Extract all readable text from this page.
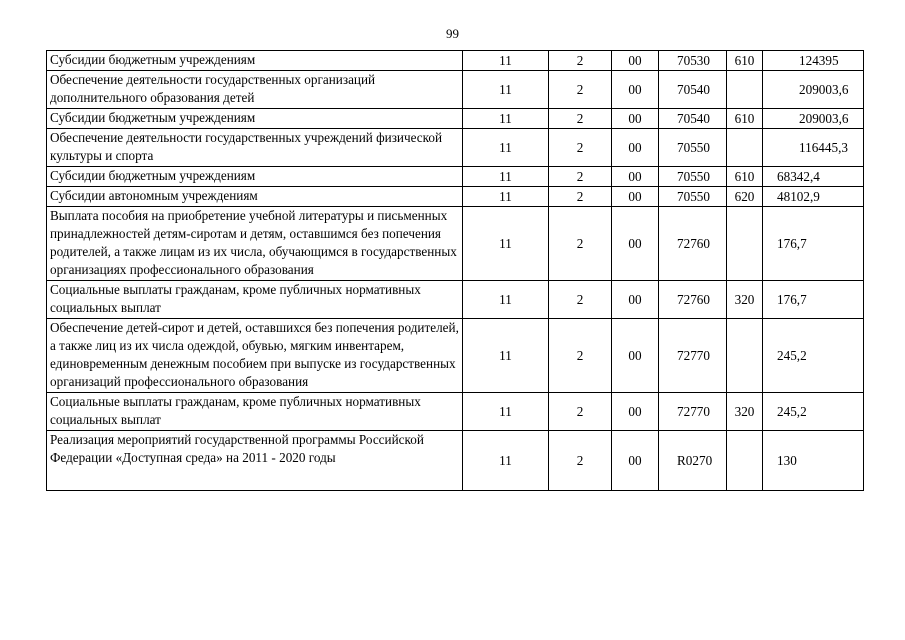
99
Субсидии бюджетным учреждениям	11	2	00	70530	610	124395
Обеспечение деятельности государственных организаций дополнительного образования детей	11	2	00	70540		209003,6
Субсидии бюджетным учреждениям	11	2	00	70540	610	209003,6
Обеспечение деятельности государственных учреждений физической культуры и спорта	11	2	00	70550		116445,3
Субсидии бюджетным учреждениям	11	2	00	70550	610	68342,4
Субсидии автономным учреждениям	11	2	00	70550	620	48102,9
Выплата пособия на приобретение учебной литературы и письменных принадлежностей детям-сиротам и детям, оставшимся без попечения родителей, а также лицам из их числа, обучающимся в государственных организациях профессионального образования	11	2	00	72760		176,7
Социальные выплаты гражданам, кроме публичных нормативных социальных выплат	11	2	00	72760	320	176,7
Обеспечение детей-сирот и детей, оставшихся без попечения родителей, а также лиц из их числа одеждой, обувью, мягким инвентарем, единовременным денежным пособием при выпуске из государственных организаций профессионального образования	11	2	00	72770		245,2
Социальные выплаты гражданам, кроме публичных нормативных социальных выплат	11	2	00	72770	320	245,2
Реализация мероприятий государственной программы Российской Федерации «Доступная среда» на 2011 - 2020 годы	11	2	00	R0270		130
